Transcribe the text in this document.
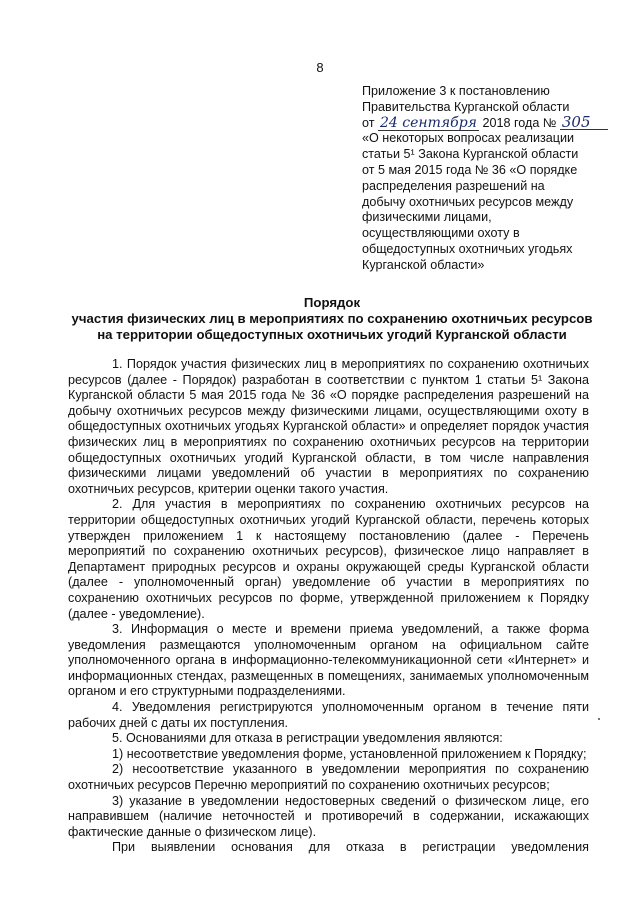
8
Приложение 3 к постановлению
Правительства Курганской области
от 24 сентября 2018 года № 305
«О некоторых вопросах реализации
статьи 5¹ Закона Курганской области
от 5 мая 2015 года № 36 «О порядке
распределения разрешений на
добычу охотничьих ресурсов между
физическими лицами,
осуществляющими охоту в
общедоступных охотничьих угодьях
Курганской области»
Порядок
участия физических лиц в мероприятиях по сохранению охотничьих ресурсов
на территории общедоступных охотничьих угодий Курганской области

1. Порядок участия физических лиц в мероприятиях по сохранению охотничьих ресурсов (далее - Порядок) разработан в соответствии с пунктом 1 статьи 5¹ Закона Курганской области 5 мая 2015 года № 36 «О порядке распределения разрешений на добычу охотничьих ресурсов между физическими лицами, осуществляющими охоту в общедоступных охотничьих угодьях Курганской области» и определяет порядок участия физических лиц в мероприятиях по сохранению охотничьих ресурсов на территории общедоступных охотничьих угодий Курганской области, в том числе направления физическими лицами уведомлений об участии в мероприятиях по сохранению охотничьих ресурсов, критерии оценки такого участия.

2. Для участия в мероприятиях по сохранению охотничьих ресурсов на территории общедоступных охотничьих угодий Курганской области, перечень которых утвержден приложением 1 к настоящему постановлению (далее - Перечень мероприятий по сохранению охотничьих ресурсов), физическое лицо направляет в Департамент природных ресурсов и охраны окружающей среды Курганской области (далее - уполномоченный орган) уведомление об участии в мероприятиях по сохранению охотничьих ресурсов по форме, утвержденной приложением к Порядку (далее - уведомление).

3. Информация о месте и времени приема уведомлений, а также форма уведомления размещаются уполномоченным органом на официальном сайте уполномоченного органа в информационно-телекоммуникационной сети «Интернет» и информационных стендах, размещенных в помещениях, занимаемых уполномоченным органом и его структурными подразделениями.

4. Уведомления регистрируются уполномоченным органом в течение пяти рабочих дней с даты их поступления.

5. Основаниями для отказа в регистрации уведомления являются:

1) несоответствие уведомления форме, установленной приложением к Порядку;

2) несоответствие указанного в уведомлении мероприятия по сохранению охотничьих ресурсов Перечню мероприятий по сохранению охотничьих ресурсов;

3) указание в уведомлении недостоверных сведений о физическом лице, его направившем (наличие неточностей и противоречий в содержании, искажающих фактические данные о физическом лице).

При выявлении основания для отказа в регистрации уведомления
